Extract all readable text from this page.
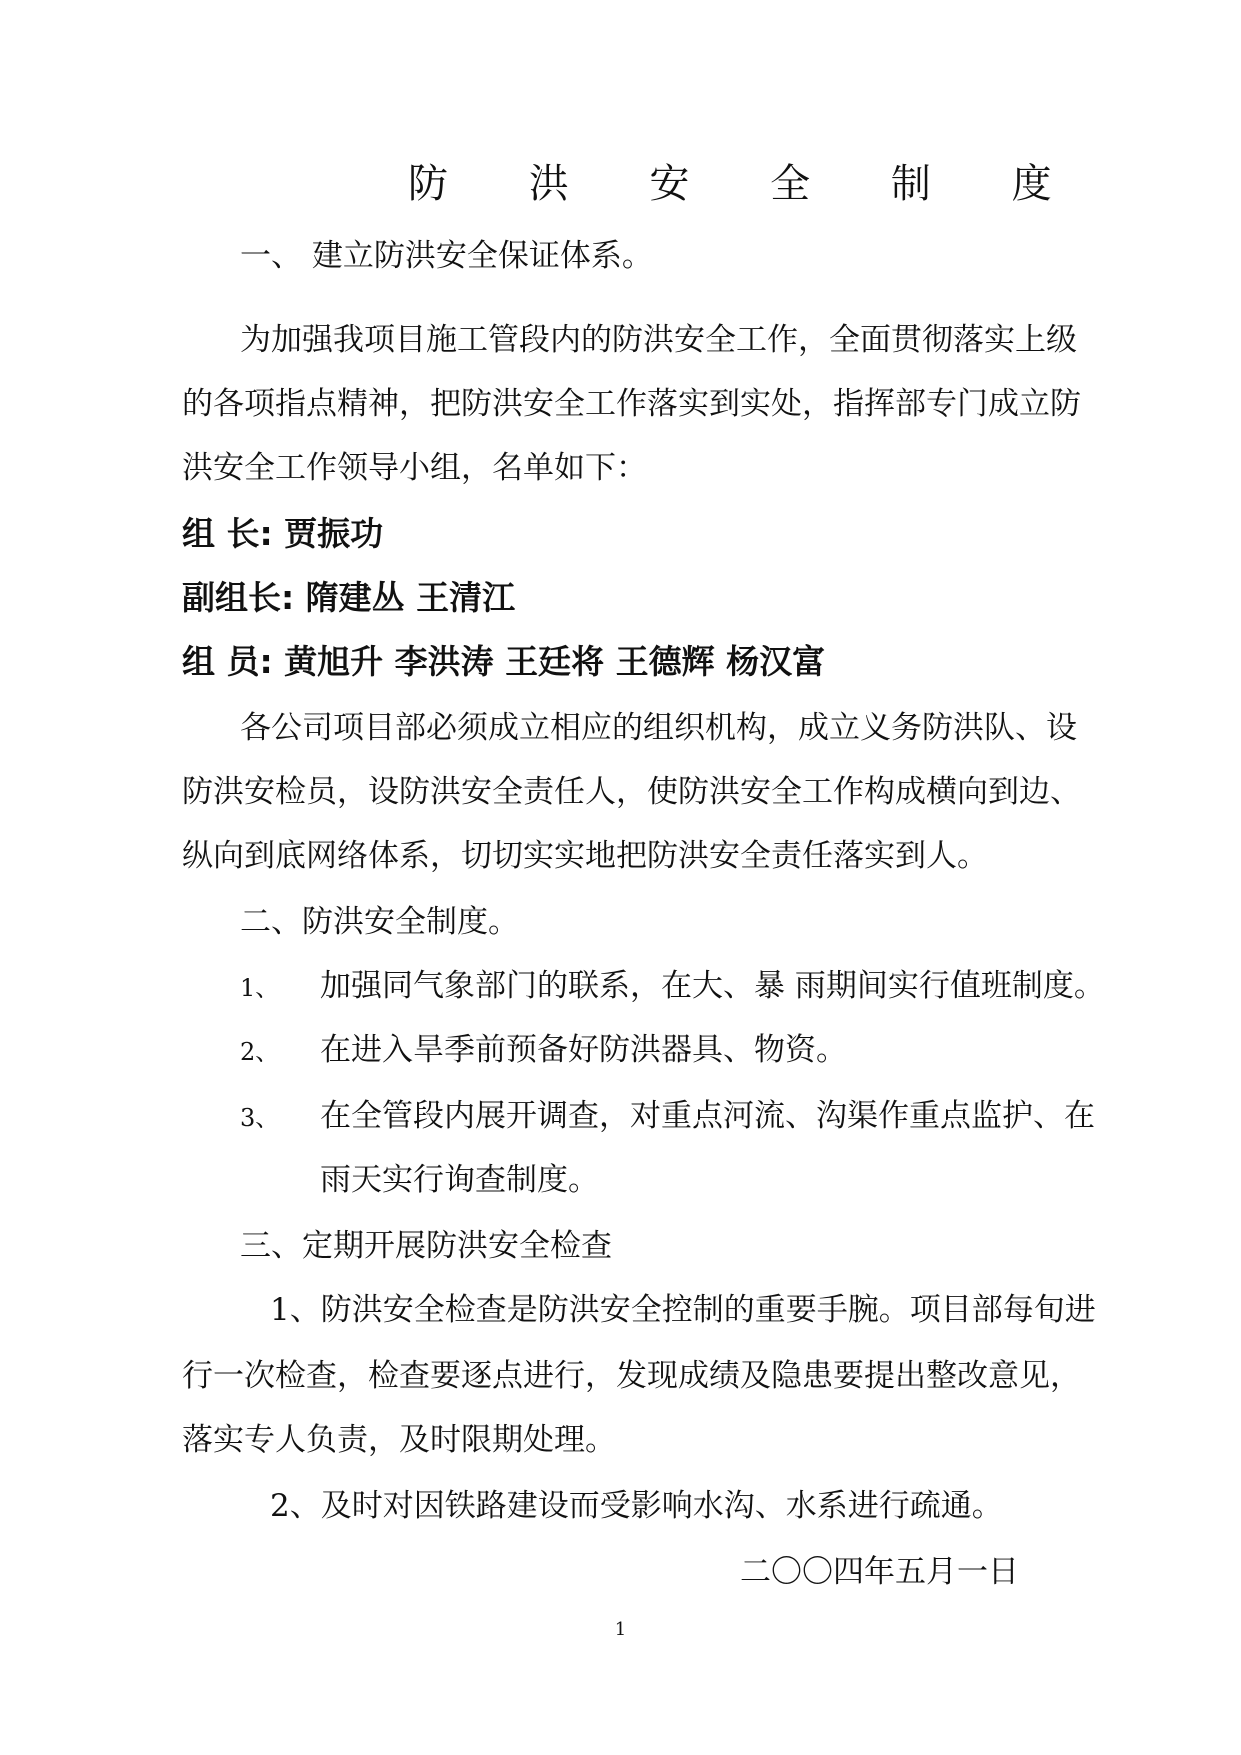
防 洪 安 全 制 度
一、 建立防洪安全保证体系。
为加强我项目施工管段内的防洪安全工作，全面贯彻落实上级
的各项指点精神，把防洪安全工作落实到实处，指挥部专门成立防
洪安全工作领导小组，名单如下：
组 长: 贾振功
副组长: 隋建丛 王清江
组 员: 黄旭升 李洪涛 王廷将 王德辉 杨汉富
各公司项目部必须成立相应的组织机构，成立义务防洪队、设
防洪安检员，设防洪安全责任人，使防洪安全工作构成横向到边、
纵向到底网络体系，切切实实地把防洪安全责任落实到人。
二、防洪安全制度。
1、 加强同气象部门的联系，在大、暴 雨期间实行值班制度。
2、 在进入旱季前预备好防洪器具、物资。
3、 在全管段内展开调查，对重点河流、沟渠作重点监护、在
雨天实行询查制度。
三、定期开展防洪安全检查
1、防洪安全检查是防洪安全控制的重要手腕。项目部每旬进
行一次检查，检查要逐点进行，发现成绩及隐患要提出整改意见，
落实专人负责，及时限期处理。
2、及时对因铁路建设而受影响水沟、水系进行疏通。
二〇〇四年五月一日
1
